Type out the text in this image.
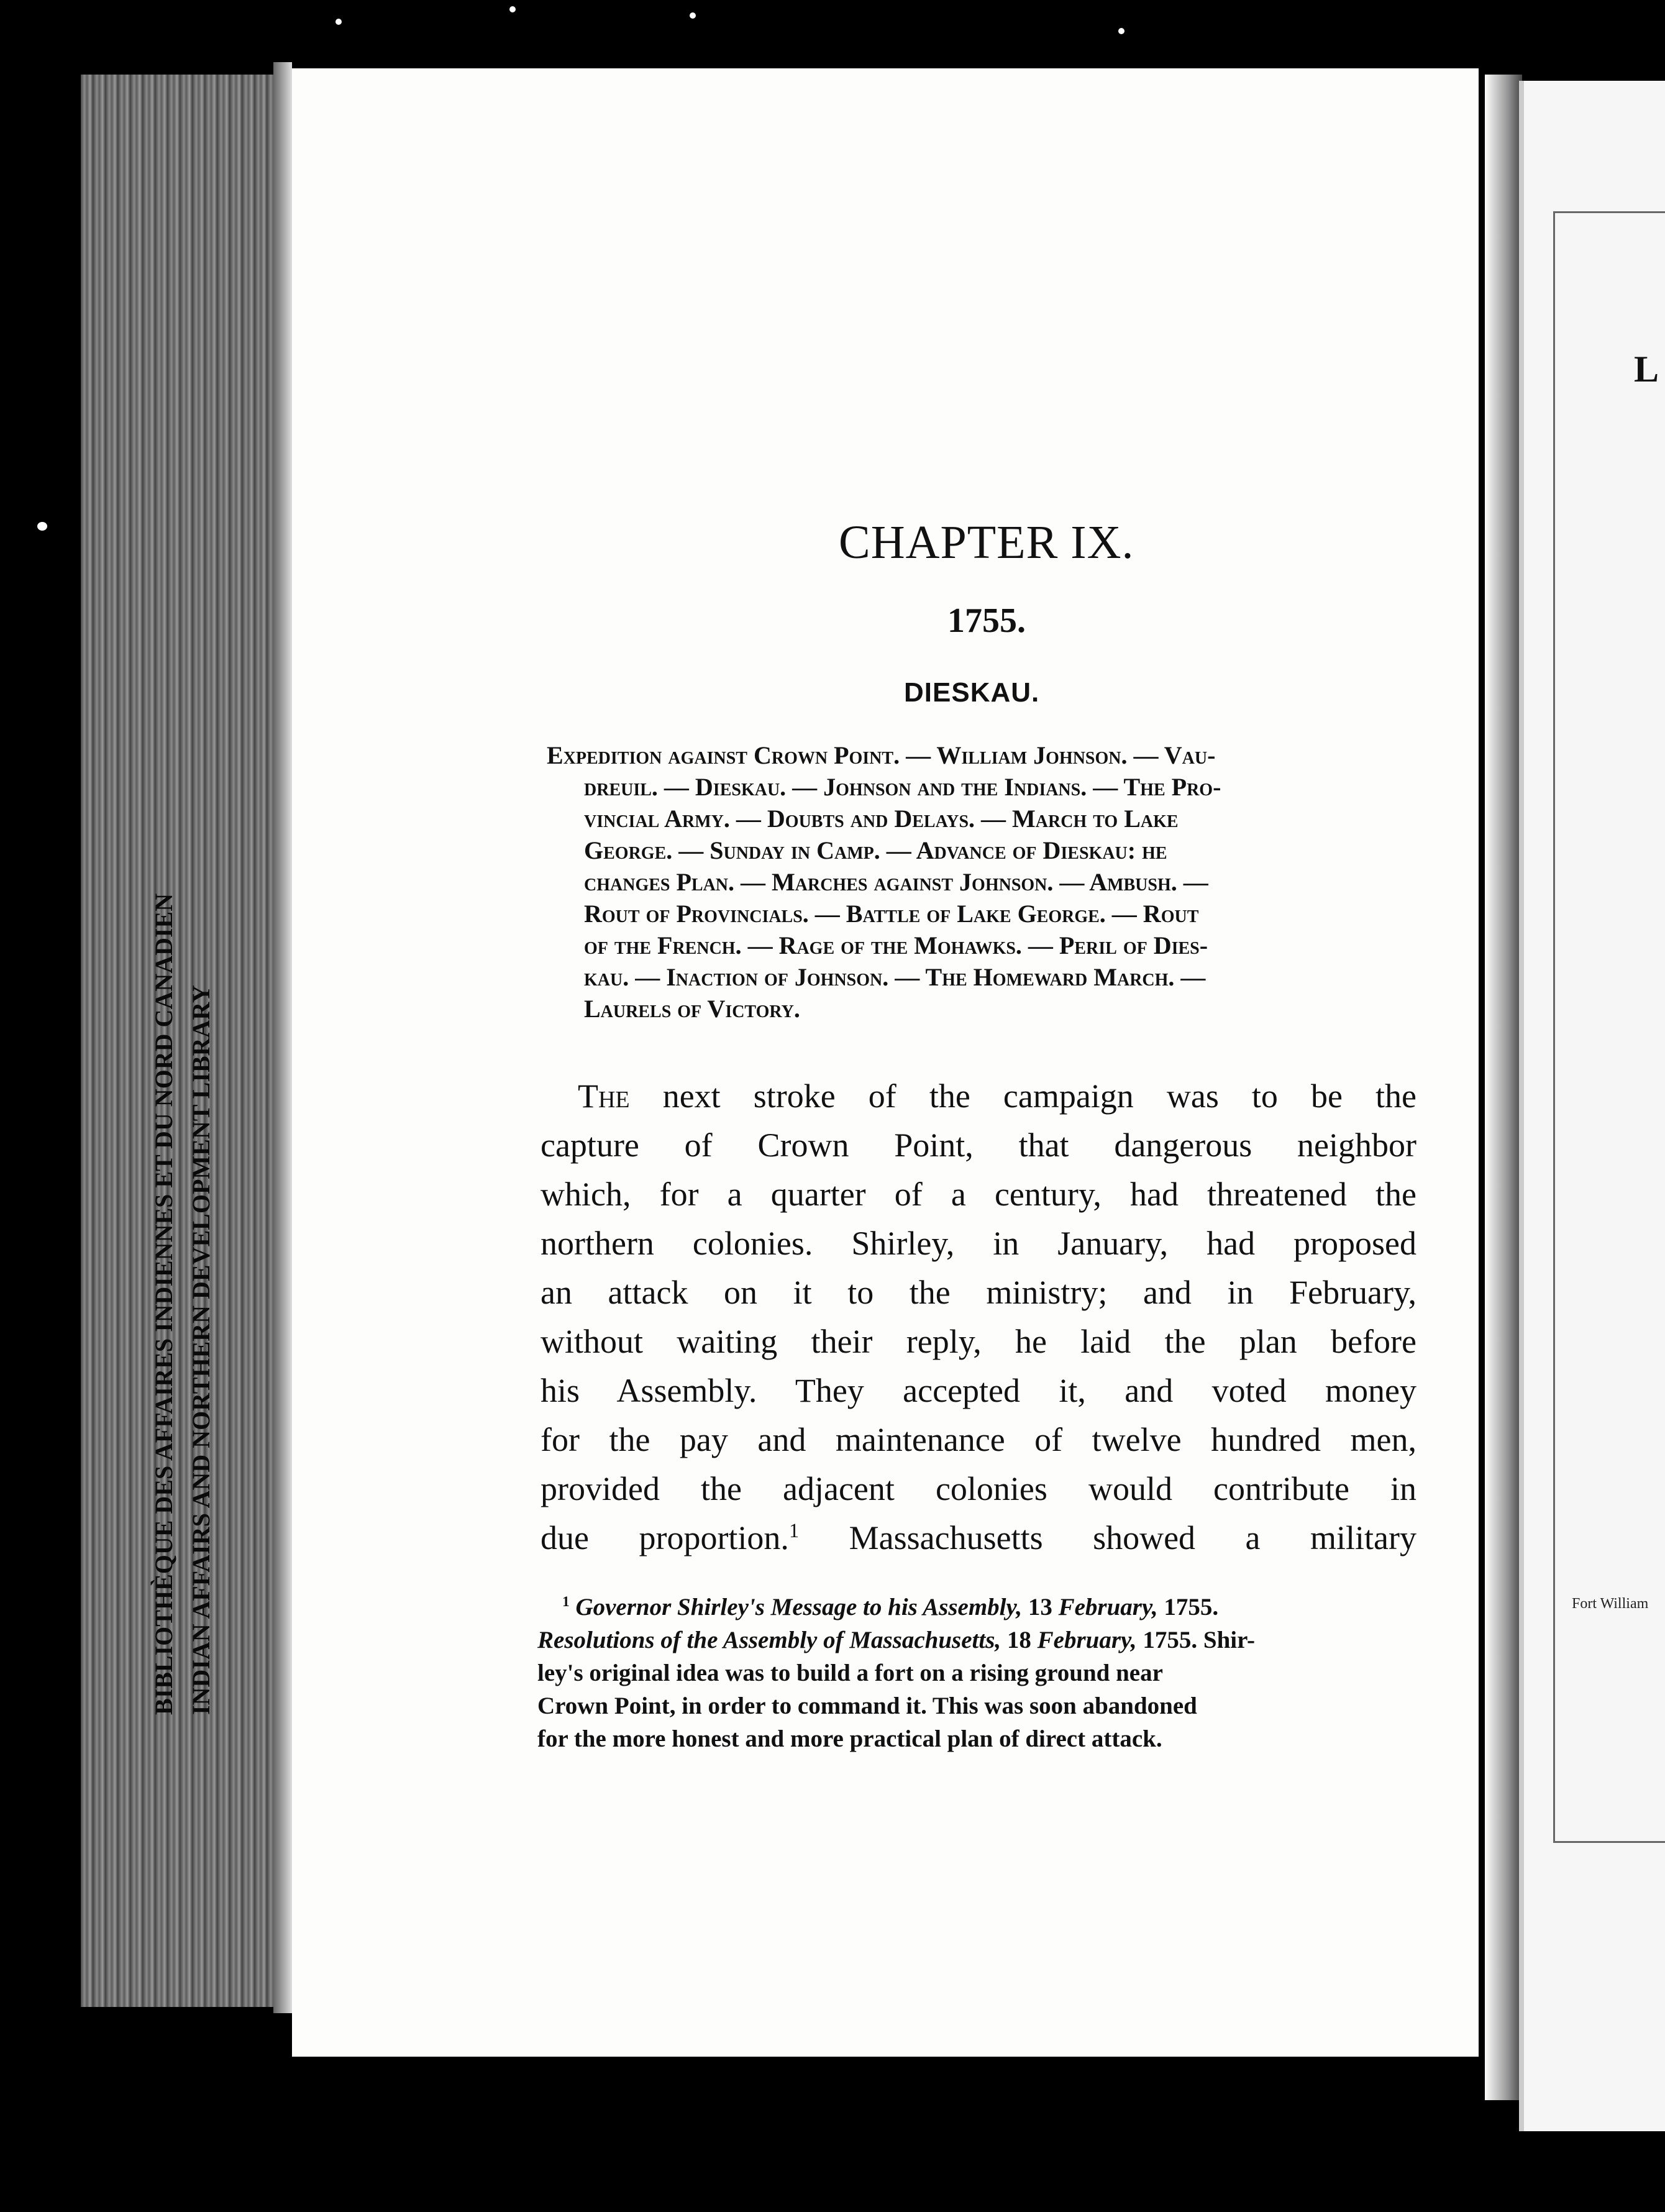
INDIAN AFFAIRS AND NORTHERN DEVELOPMENT LIBRARY
BIBLIOTHÈQUE DES AFFAIRES INDIENNES ET DU NORD CANADIEN
L
Fort William
CHAPTER IX.
1755.
DIESKAU.
Expedition against Crown Point. — William Johnson. — Vau-
dreuil. — Dieskau. — Johnson and the Indians. — The Pro-
vincial Army. — Doubts and Delays. — March to Lake
George. — Sunday in Camp. — Advance of Dieskau: he
changes Plan. — Marches against Johnson. — Ambush. —
Rout of Provincials. — Battle of Lake George. — Rout
of the French. — Rage of the Mohawks. — Peril of Dies-
kau. — Inaction of Johnson. — The Homeward March. —
Laurels of Victory.
The next stroke of the campaign was to be the
capture of Crown Point, that dangerous neighbor
which, for a quarter of a century, had threatened the
northern colonies. Shirley, in January, had proposed
an attack on it to the ministry; and in February,
without waiting their reply, he laid the plan before
his Assembly. They accepted it, and voted money
for the pay and maintenance of twelve hundred men,
provided the adjacent colonies would contribute in
due proportion.$^1$ Massachusetts showed a military
$^1$ Governor Shirley's Message to his Assembly, 13 February, 1755.
Resolutions of the Assembly of Massachusetts, 18 February, 1755. Shir-
ley's original idea was to build a fort on a rising ground near
Crown Point, in order to command it. This was soon abandoned
for the more honest and more practical plan of direct attack.
